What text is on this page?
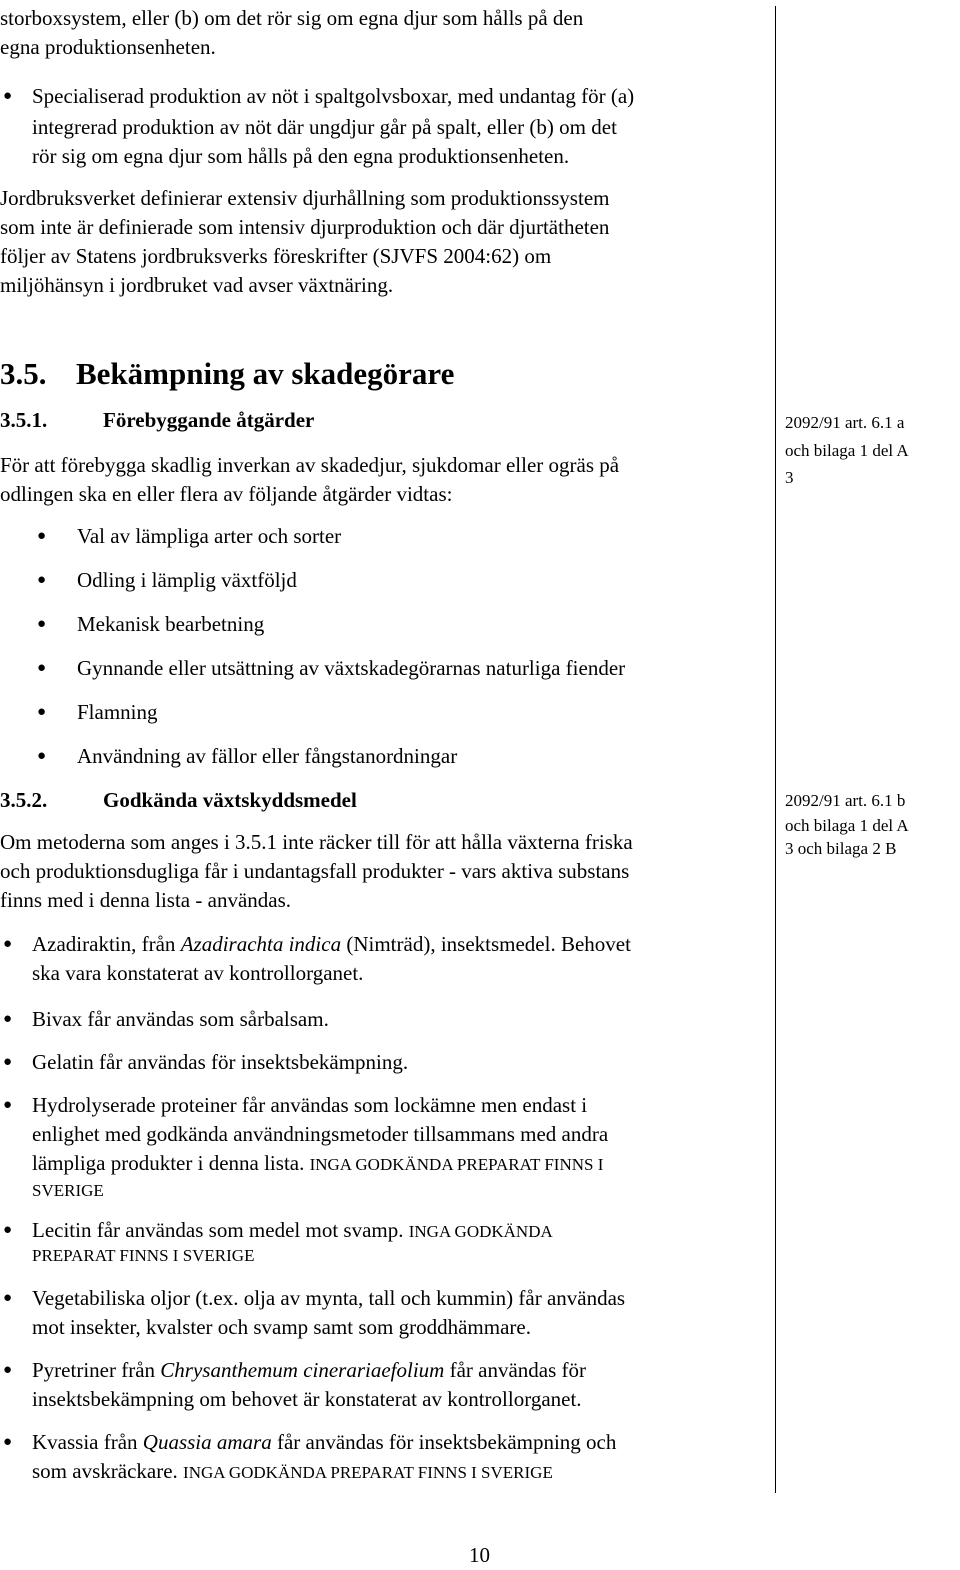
storboxsystem, eller (b) om det rör sig om egna djur som hålls på den
egna produktionsenheten.
● Specialiserad produktion av nöt i spaltgolvsboxar, med undantag för (a)
integrerad produktion av nöt där ungdjur går på spalt, eller (b) om det
rör sig om egna djur som hålls på den egna produktionsenheten.
Jordbruksverket definierar extensiv djurhållning som produktionssystem
som inte är definierade som intensiv djurproduktion och där djurtätheten
följer av Statens jordbruksverks föreskrifter (SJVFS 2004:62) om
miljöhänsyn i jordbruket vad avser växtnäring.
3.5. Bekämpning av skadegörare
3.5.1.	Förebyggande åtgärder
För att förebygga skadlig inverkan av skadedjur, sjukdomar eller ogräs på
odlingen ska en eller flera av följande åtgärder vidtas:
● Val av lämpliga arter och sorter
● Odling i lämplig växtföljd
● Mekanisk bearbetning
● Gynnande eller utsättning av växtskadegörarnas naturliga fiender
● Flamning
● Användning av fällor eller fångstanordningar
2092/91 art. 6.1 a
och bilaga 1 del A
3
3.5.2.	Godkända växtskyddsmedel
Om metoderna som anges i 3.5.1 inte räcker till för att hålla växterna friska
och produktionsdugliga får i undantagsfall produkter - vars aktiva substans
finns med i denna lista - användas.
2092/91 art. 6.1 b
och bilaga 1 del A
3 och bilaga 2 B
● Azadiraktin, från Azadirachta indica (Nimträd), insektsmedel. Behovet
ska vara konstaterat av kontrollorganet.
● Bivax får användas som sårbalsam.
● Gelatin får användas för insektsbekämpning.
● Hydrolyserade proteiner får användas som lockämne men endast i
enlighet med godkända användningsmetoder tillsammans med andra
lämpliga produkter i denna lista. INGA GODKÄNDA PREPARAT FINNS I
SVERIGE
● Lecitin får användas som medel mot svamp. INGA GODKÄNDA
PREPARAT FINNS I SVERIGE
● Vegetabiliska oljor (t.ex. olja av mynta, tall och kummin) får användas
mot insekter, kvalster och svamp samt som groddhämmare.
● Pyretriner från Chrysanthemum cinerariaefolium får användas för
insektsbekämpning om behovet är konstaterat av kontrollorganet.
● Kvassia från Quassia amara får användas för insektsbekämpning och
som avskräckare. INGA GODKÄNDA PREPARAT FINNS I SVERIGE
10
